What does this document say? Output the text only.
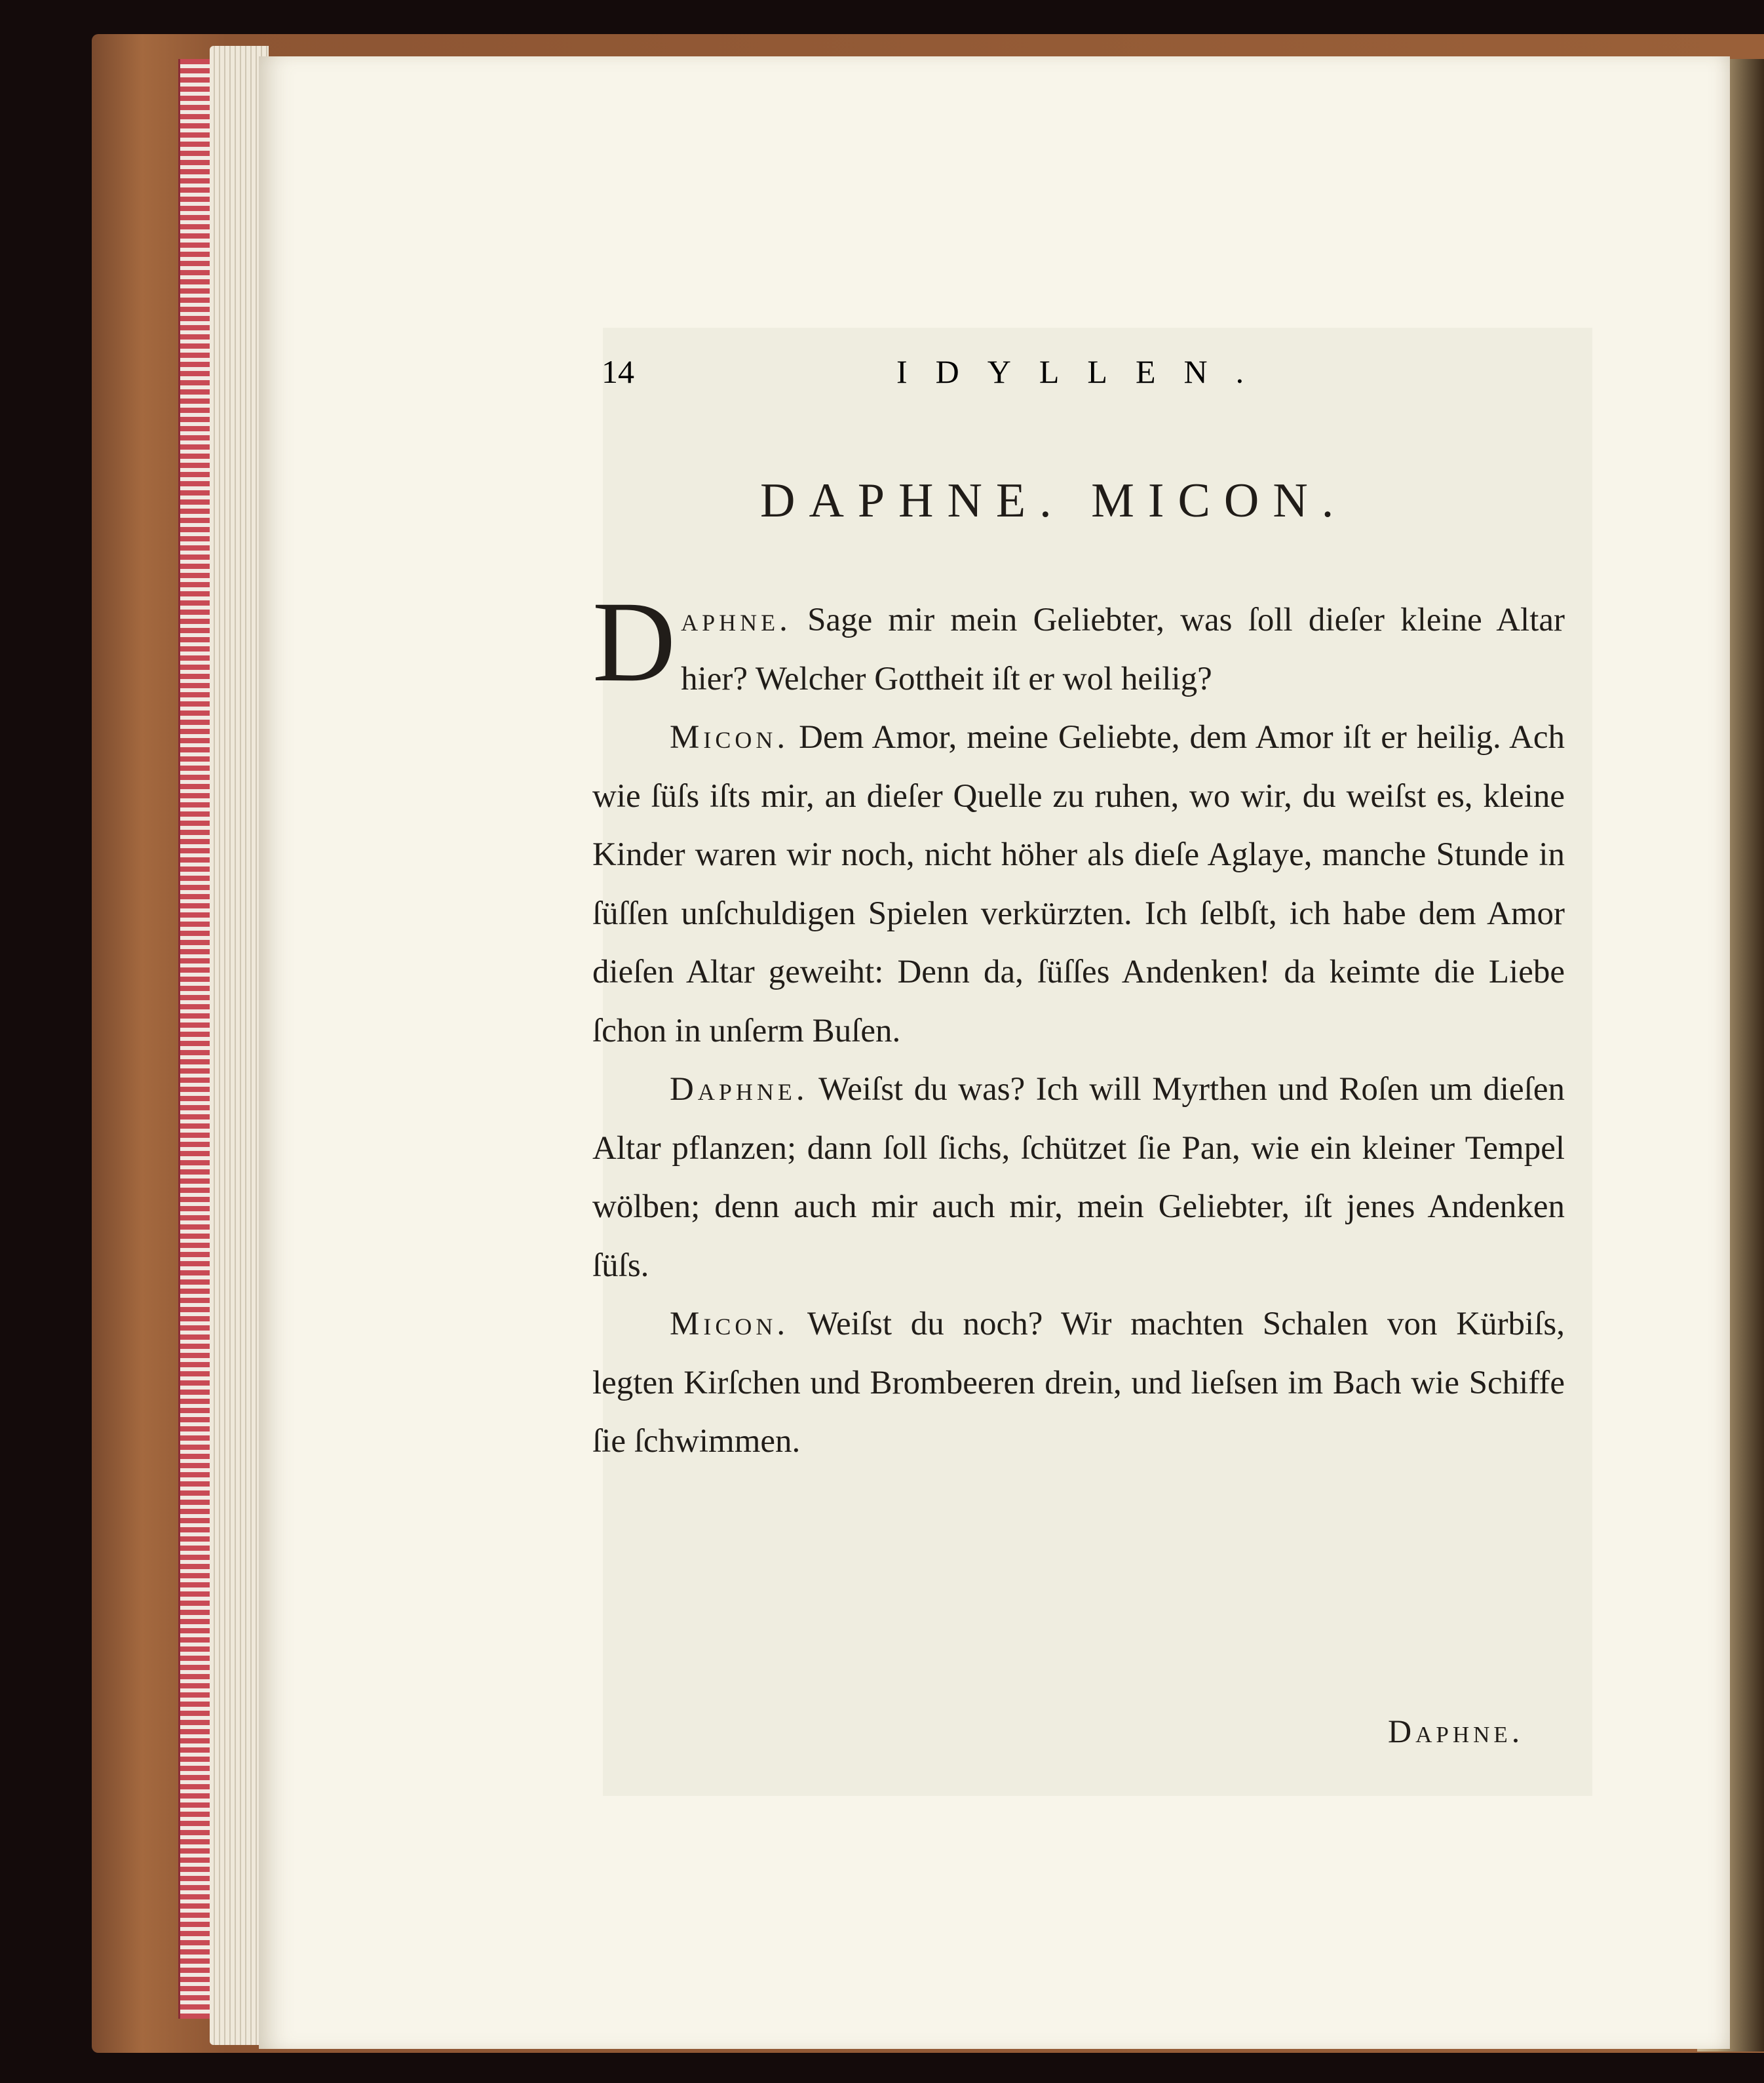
14	IDYLLEN.
DAPHNE. MICON.

Daphne. Sage mir mein Geliebter, was ſoll dieſer kleine Altar hier? Welcher Gottheit iſt er wol heilig?

Micon. Dem Amor, meine Geliebte, dem Amor iſt er heilig. Ach wie ſüſs iſts mir, an dieſer Quelle zu ruhen, wo wir, du weiſst es, kleine Kinder waren wir noch, nicht höher als dieſe Aglaye, manche Stunde in ſüſſen unſchuldigen Spielen verkürzten. Ich ſelbſt, ich habe dem Amor dieſen Altar geweiht: Denn da, ſüſſes Andenken! da keimte die Liebe ſchon in unſerm Buſen.

Daphne. Weiſst du was? Ich will Myrthen und Roſen um dieſen Altar pflanzen; dann ſoll ſichs, ſchützet ſie Pan, wie ein kleiner Tempel wölben; denn auch mir auch mir, mein Geliebter, iſt jenes Andenken ſüſs.

Micon. Weiſst du noch? Wir machten Schalen von Kürbiſs, legten Kirſchen und Brombeeren drein, und lieſsen im Bach wie Schiffe ſie ſchwimmen.

Daphne.
